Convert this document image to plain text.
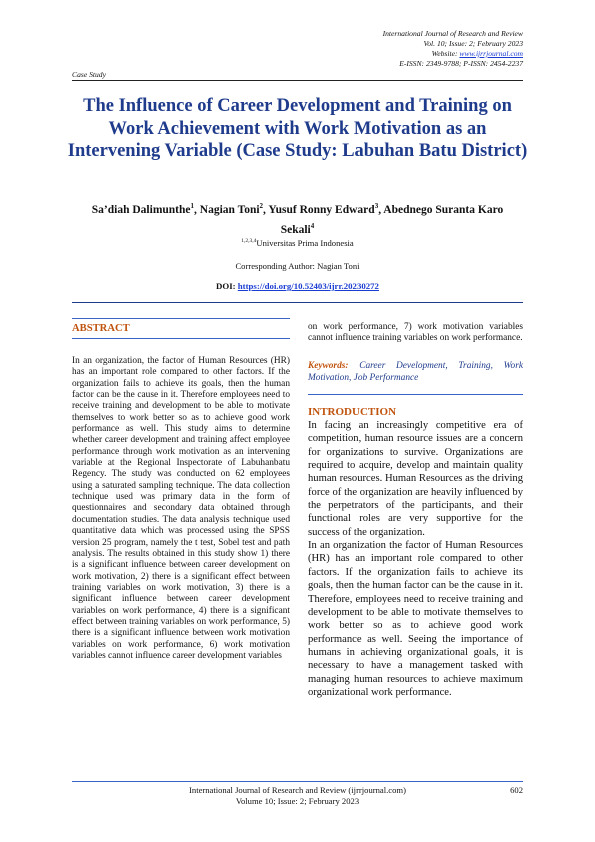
International Journal of Research and Review
Vol. 10; Issue: 2; February 2023
Website: www.ijrrjournal.com
E-ISSN: 2349-9788; P-ISSN: 2454-2237
Case Study
The Influence of Career Development and Training on Work Achievement with Work Motivation as an Intervening Variable (Case Study: Labuhan Batu District)
Sa’diah Dalimunthe$^1$, Nagian Toni$^2$, Yusuf Ronny Edward$^3$, Abednego Suranta Karo Sekali$^4$
$^{1,2,3,4}$Universitas Prima Indonesia
Corresponding Author: Nagian Toni
DOI: https://doi.org/10.52403/ijrr.20230272
ABSTRACT
In an organization, the factor of Human Resources (HR) has an important role compared to other factors. If the organization fails to achieve its goals, then the human factor can be the cause in it. Therefore employees need to receive training and development to be able to motivate themselves to work better so as to achieve good work performance as well. This study aims to determine whether career development and training affect employee performance through work motivation as an intervening variable at the Regional Inspectorate of Labuhanbatu Regency. The study was conducted on 62 employees using a saturated sampling technique. The data collection technique used was primary data in the form of questionnaires and secondary data obtained through documentation studies. The data analysis technique used quantitative data which was processed using the SPSS version 25 program, namely the t test, Sobel test and path analysis. The results obtained in this study show 1) there is a significant influence between career development on work motivation, 2) there is a significant effect between training variables on work motivation, 3) there is a significant influence between career development variables on work performance, 4) there is a significant effect between training variables on work performance, 5) there is a significant influence between work motivation variables on work performance, 6) work motivation variables cannot influence career development variables
on work performance, 7) work motivation variables cannot influence training variables on work performance.
Keywords: Career Development, Training, Work Motivation, Job Performance
INTRODUCTION

In facing an increasingly competitive era of competition, human resource issues are a concern for organizations to survive. Organizations are required to acquire, develop and maintain quality human resources. Human Resources as the driving force of the organization are heavily influenced by the perpetrators of the participants, and their functional roles are very supportive for the success of the organization.

In an organization the factor of Human Resources (HR) has an important role compared to other factors. If the organization fails to achieve its goals, then the human factor can be the cause in it. Therefore, employees need to receive training and development to be able to motivate themselves to work better so as to achieve good work performance as well. Seeing the importance of humans in achieving organizational goals, it is necessary to have a management tasked with managing human resources to achieve maximum organizational work performance.

International Journal of Research and Review (ijrrjournal.com)
Volume 10; Issue: 2; February 2023
602
